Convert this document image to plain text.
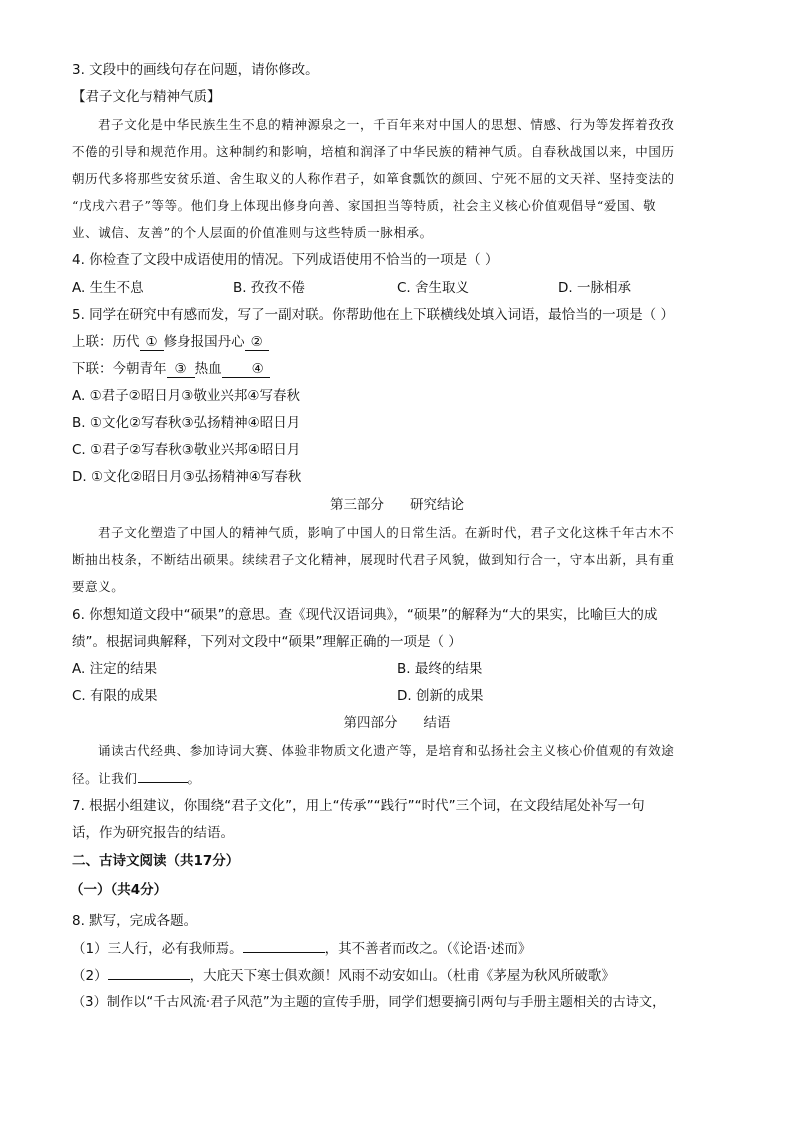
3. 文段中的画线句存在问题，请你修改。
【君子文化与精神气质】
君子文化是中华民族生生不息的精神源泉之一，千百年来对中国人的思想、情感、行为等发挥着孜孜
不倦的引导和规范作用。这种制约和影响，培植和润泽了中华民族的精神气质。自春秋战国以来，中国历
朝历代多将那些安贫乐道、舍生取义的人称作君子，如箪食瓢饮的颜回、宁死不屈的文天祥、坚持变法的
“戊戌六君子”等等。他们身上体现出修身向善、家国担当等特质，社会主义核心价值观倡导“爱国、敬
业、诚信、友善”的个人层面的价值准则与这些特质一脉相承。
4. 你检查了文段中成语使用的情况。下列成语使用不恰当的一项是（ ）
A. 生生不息	B. 孜孜不倦	C. 舍生取义	D. 一脉相承
5. 同学在研究中有感而发，写了一副对联。你帮助他在上下联横线处填入词语，最恰当的一项是（ ）
上联：历代 ① 修身报国丹心 ②
下联：今朝青年 ③ 热血 ④
A. ①君子②昭日月③敬业兴邦④写春秋
B. ①文化②写春秋③弘扬精神④昭日月
C. ①君子②写春秋③敬业兴邦④昭日月
D. ①文化②昭日月③弘扬精神④写春秋
第三部分 研究结论
君子文化塑造了中国人的精神气质，影响了中国人的日常生活。在新时代，君子文化这株千年古木不
断抽出枝条，不断结出硕果。续续君子文化精神，展现时代君子风貌，做到知行合一，守本出新，具有重
要意义。
6. 你想知道文段中“硕果”的意思。查《现代汉语词典》，“硕果”的解释为“大的果实，比喻巨大的成
绩”。根据词典解释，下列对文段中“硕果”理解正确的一项是（ ）
A. 注定的结果	B. 最终的结果
C. 有限的成果	D. 创新的成果
第四部分 结语
诵读古代经典、参加诗词大赛、体验非物质文化遗产等，是培育和弘扬社会主义核心价值观的有效途
径。让我们	。
7. 根据小组建议，你围绕“君子文化”，用上“传承”“践行”“时代”三个词，在文段结尾处补写一句
话，作为研究报告的结语。
二、古诗文阅读（共17分）
（一）（共4分）
8. 默写，完成各题。
（1）三人行，必有我师焉。	，其不善者而改之。（《论语·述而》
（2）	，大庇天下寒士俱欢颜！风雨不动安如山。（杜甫《茅屋为秋风所破歌》
（3）制作以“千古风流·君子风范”为主题的宣传手册，同学们想要摘引两句与手册主题相关的古诗文，
